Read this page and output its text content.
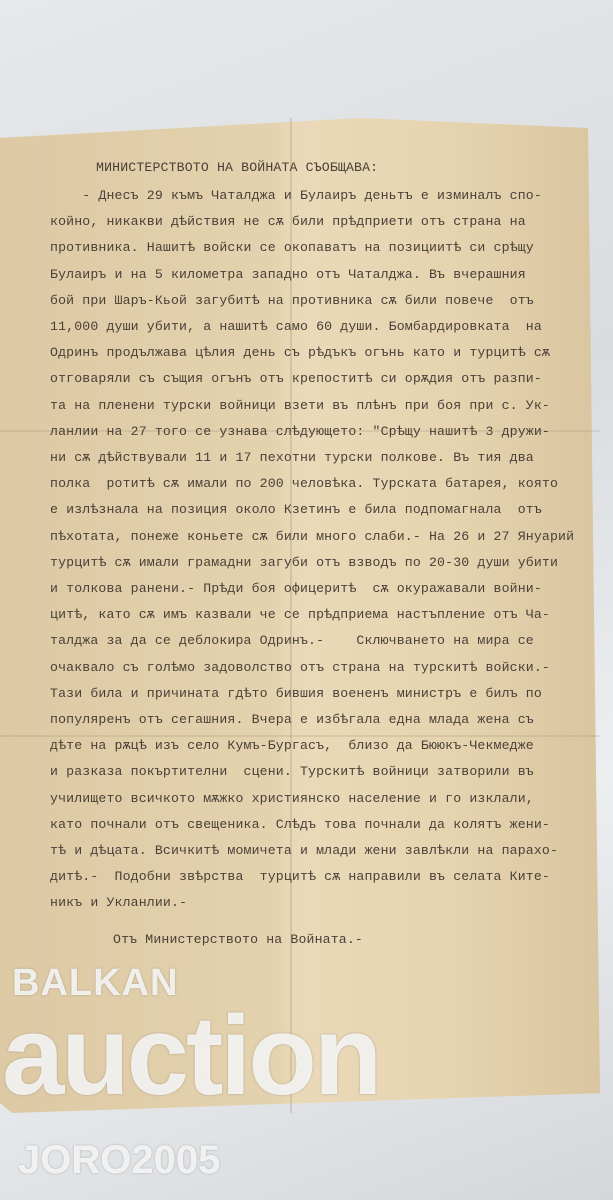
МИНИСТЕРСТВОТО НА ВОЙНАТА СЪОБЩАВА:
- Днесъ 29 къмъ Чаталджа и Булаиръ деньтъ е изминалъ спо-
койно, никакви дѣйствия не сѫ били прѣдприети отъ страна на
противника. Нашитѣ войски се окопаватъ на позициитѣ си срѣщу
Булаиръ и на 5 километра западно отъ Чаталджа. Въ вчерашния
бой при Шаръ-Кьой загубитѣ на противника сѫ били повече  отъ
11,000 души убити, а нашитѣ само 60 души. Бомбардировката  на
Одринъ продължава цѣлия день съ рѣдъкъ огънь като и турцитѣ сѫ
отговаряли съ същия огънъ отъ крепоститѣ си орѫдия отъ разпи-
та на пленени турски войници взети въ плѣнъ при боя при с. Ук-
ланлии на 27 того се узнава слѣдующето: "Срѣщу нашитѣ 3 дружи-
ни сѫ дѣйствували 11 и 17 пехотни турски полкове. Въ тия два
полка  ротитѣ сѫ имали по 200 человѣка. Турската батарея, която
е излѣзнала на позиция около Кзетинъ е била подпомагнала  отъ
пѣхотата, понеже коньете сѫ били много слаби.- На 26 и 27 Януарий
турцитѣ сѫ имали грамадни загуби отъ взводъ по 20-30 души убити
и толкова ранени.- Прѣди боя офицеритѣ  сѫ окуражавали войни-
цитѣ, като сѫ имъ казвали че се прѣдприема настъпление отъ Ча-
талджа за да се деблокира Одринъ.-    Сключването на мира се
очаквало съ голѣмо задоволство отъ страна на турскитѣ войски.-
Тази била и причината гдѣто бившия воененъ министръ е билъ по
популяренъ отъ сегашния. Вчера е избѣгала една млада жена съ
дѣте на рѫцѣ изъ село Кумъ-Бургасъ,  близо да Бююкъ-Чекмедже
и разказа покъртителни  сцени. Турскитѣ войници затворили въ
училището всичкото мѫжко християнско население и го изклали,
като почнали отъ свещеника. Слѣдъ това почнали да колятъ жени-
тѣ и дѣцата. Всичкитѣ момичета и млади жени завлѣкли на парахо-
дитѣ.-  Подобни звѣрства  турцитѣ сѫ направили въ селата Ките-
никъ и Укланлии.-
Отъ Министерството на Войната.-
BALKAN
auction
JORO2005
